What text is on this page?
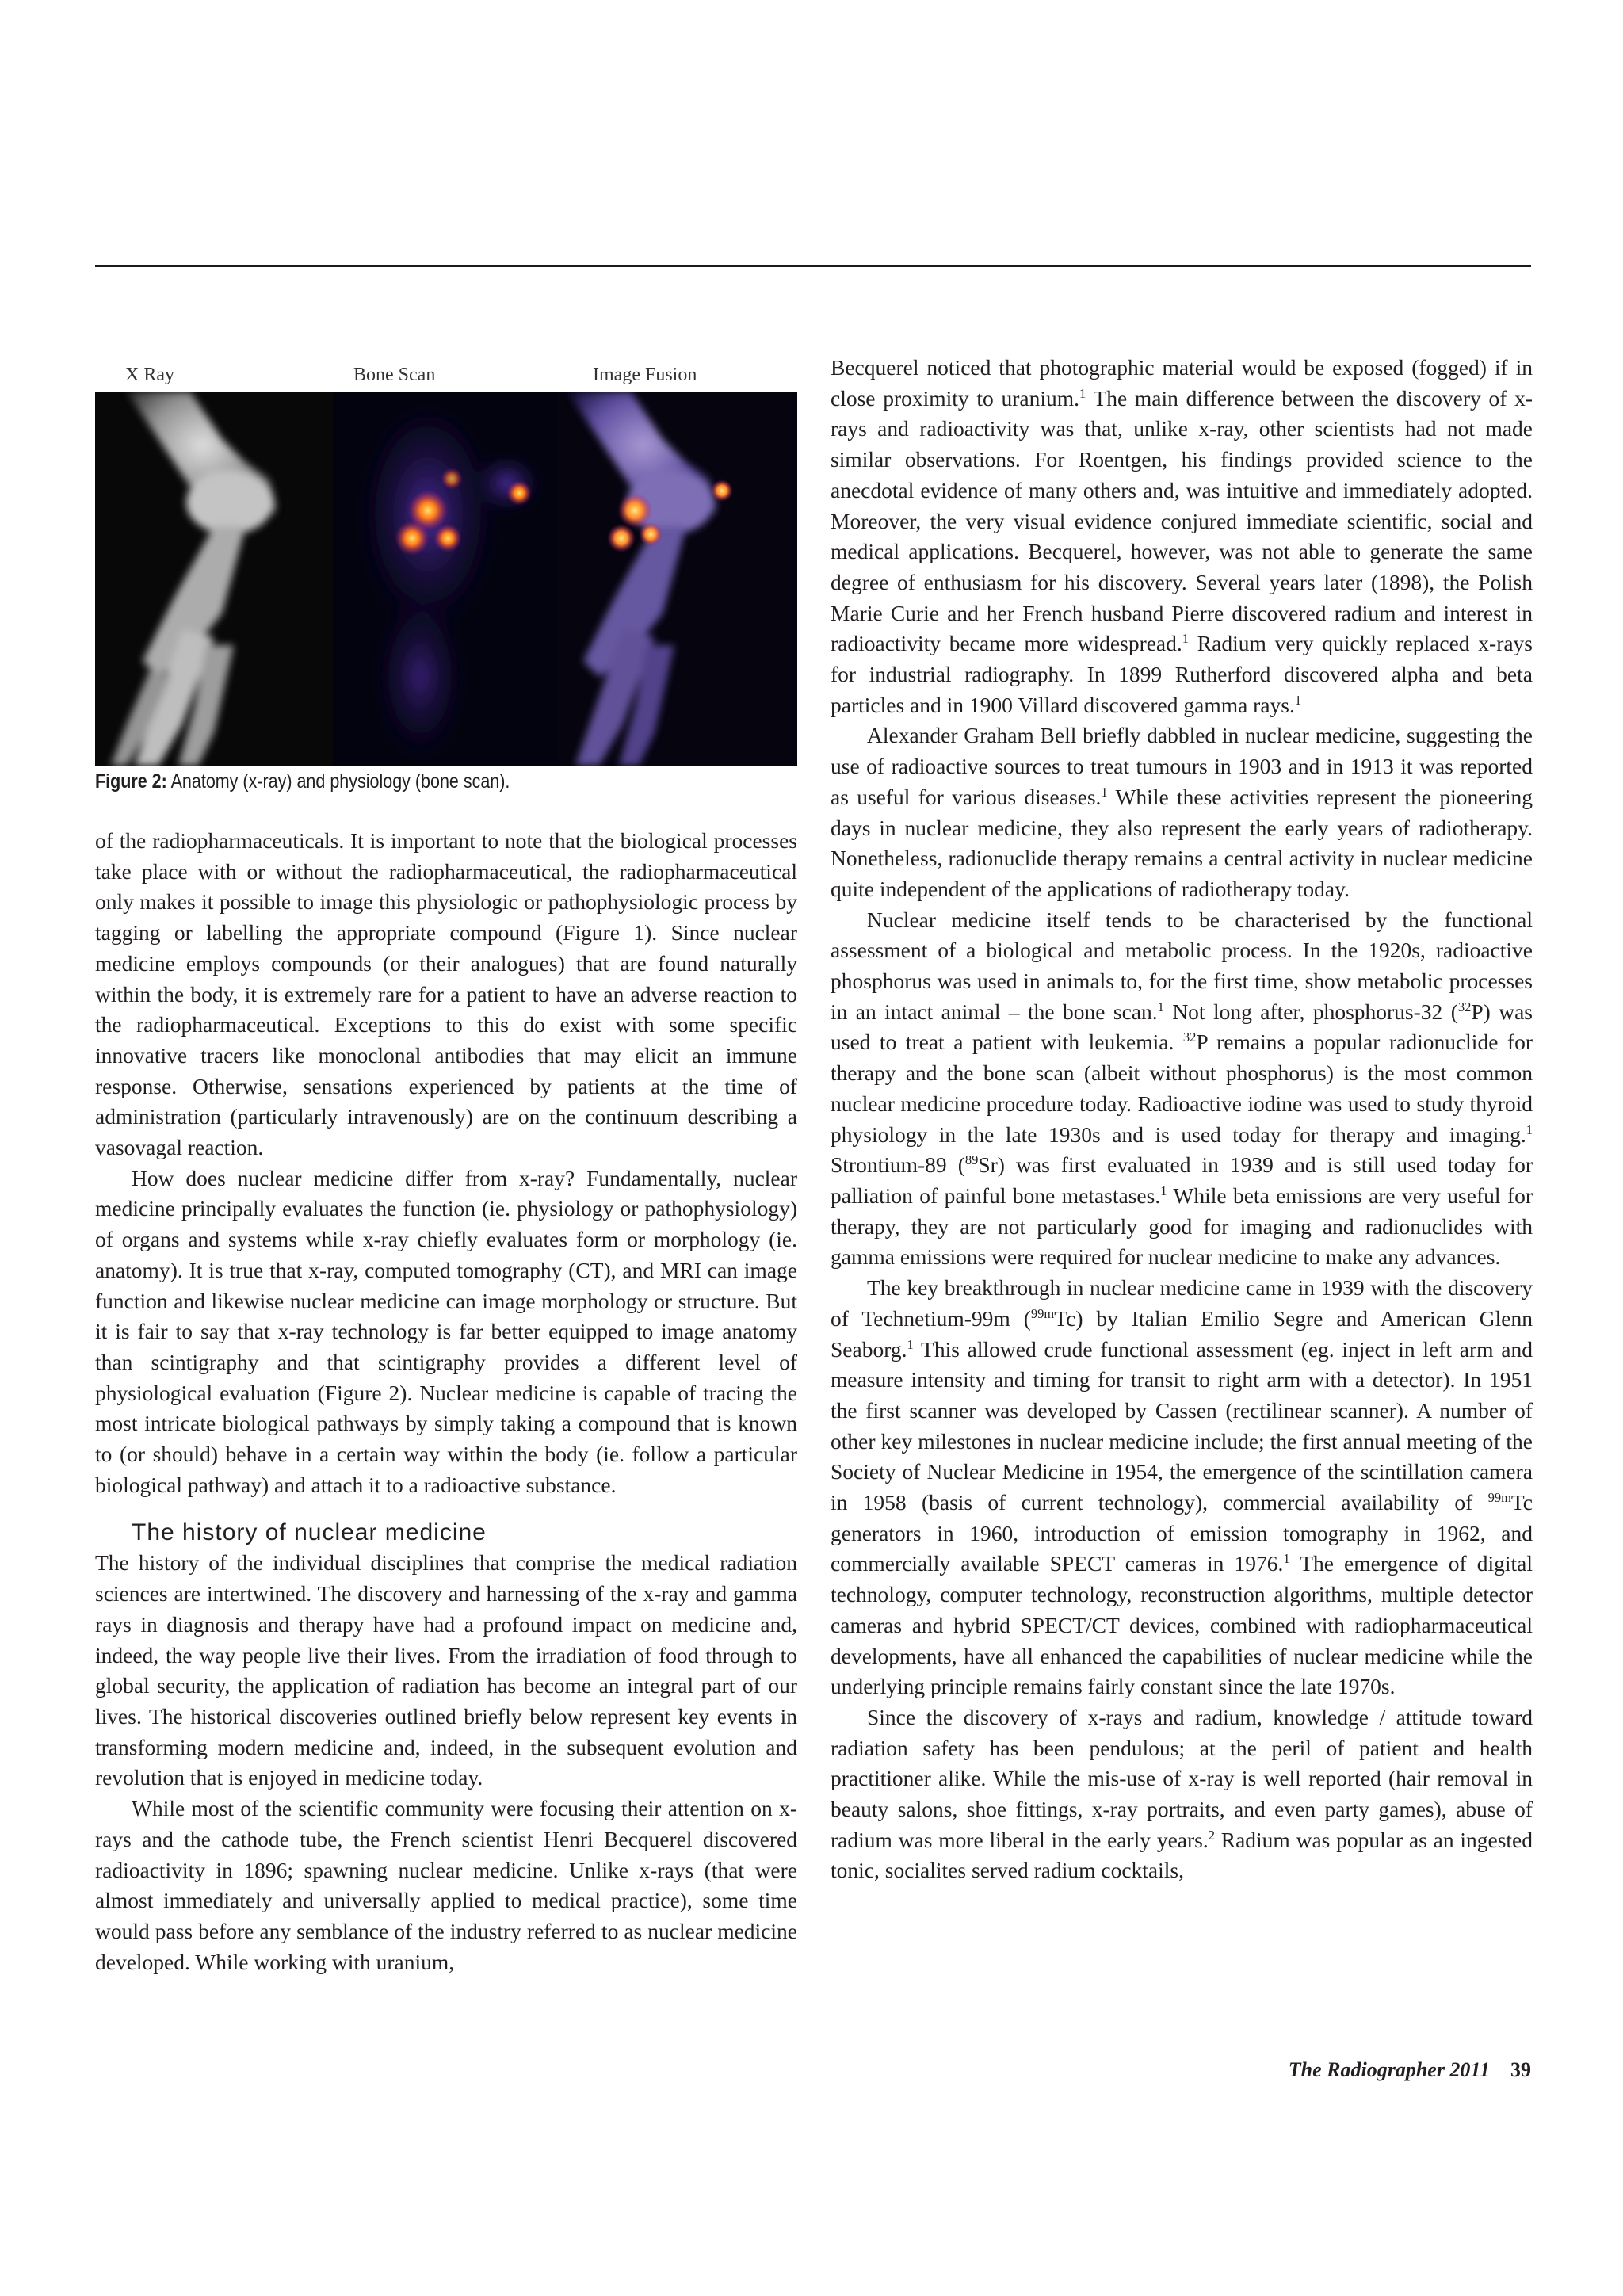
X Ray	Bone Scan	Image Fusion
Figure 2: Anatomy (x-ray) and physiology (bone scan).

of the radiopharmaceuticals. It is important to note that the biological processes take place with or without the radiopharmaceutical, the radiopharmaceutical only makes it possible to image this physiologic or pathophysiologic process by tagging or labelling the appropriate compound (Figure 1). Since nuclear medicine employs compounds (or their analogues) that are found naturally within the body, it is extremely rare for a patient to have an adverse reaction to the radiopharmaceutical. Exceptions to this do exist with some specific innovative tracers like monoclonal antibodies that may elicit an immune response. Otherwise, sensations experienced by patients at the time of administration (particularly intravenously) are on the continuum describing a vasovagal reaction.

How does nuclear medicine differ from x-ray? Fundamentally, nuclear medicine principally evaluates the function (ie. physiology or pathophysiology) of organs and systems while x-ray chiefly evaluates form or morphology (ie. anatomy). It is true that x-ray, computed tomography (CT), and MRI can image function and likewise nuclear medicine can image morphology or structure. But it is fair to say that x-ray technology is far better equipped to image anatomy than scintigraphy and that scintigraphy provides a different level of physiological evaluation (Figure 2). Nuclear medicine is capable of tracing the most intricate biological pathways by simply taking a compound that is known to (or should) behave in a certain way within the body (ie. follow a particular biological pathway) and attach it to a radioactive substance.

The history of nuclear medicine

The history of the individual disciplines that comprise the medical radiation sciences are intertwined. The discovery and harnessing of the x-ray and gamma rays in diagnosis and therapy have had a profound impact on medicine and, indeed, the way people live their lives. From the irradiation of food through to global security, the application of radiation has become an integral part of our lives. The historical discoveries outlined briefly below represent key events in transforming modern medicine and, indeed, in the subsequent evolution and revolution that is enjoyed in medicine today.

While most of the scientific community were focusing their attention on x-rays and the cathode tube, the French scientist Henri Becquerel discovered radioactivity in 1896; spawning nuclear medicine. Unlike x-rays (that were almost immediately and universally applied to medical practice), some time would pass before any semblance of the industry referred to as nuclear medicine developed. While working with uranium,

Becquerel noticed that photographic material would be exposed (fogged) if in close proximity to uranium.$^1$ The main difference between the discovery of x-rays and radioactivity was that, unlike x-ray, other scientists had not made similar observations. For Roentgen, his findings provided science to the anecdotal evidence of many others and, was intuitive and immediately adopted. Moreover, the very visual evidence conjured immediate scientific, social and medical applications. Becquerel, however, was not able to generate the same degree of enthusiasm for his discovery. Several years later (1898), the Polish Marie Curie and her French husband Pierre discovered radium and interest in radioactivity became more widespread.$^1$ Radium very quickly replaced x-rays for industrial radiography. In 1899 Rutherford discovered alpha and beta particles and in 1900 Villard discovered gamma rays.$^1$

Alexander Graham Bell briefly dabbled in nuclear medicine, suggesting the use of radioactive sources to treat tumours in 1903 and in 1913 it was reported as useful for various diseases.$^1$ While these activities represent the pioneering days in nuclear medicine, they also represent the early years of radiotherapy. Nonetheless, radionuclide therapy remains a central activity in nuclear medicine quite independent of the applications of radiotherapy today.

Nuclear medicine itself tends to be characterised by the functional assessment of a biological and metabolic process. In the 1920s, radioactive phosphorus was used in animals to, for the first time, show metabolic processes in an intact animal – the bone scan.$^1$ Not long after, phosphorus-32 ($^{32}$P) was used to treat a patient with leukemia. $^{32}$P remains a popular radionuclide for therapy and the bone scan (albeit without phosphorus) is the most common nuclear medicine procedure today. Radioactive iodine was used to study thyroid physiology in the late 1930s and is used today for therapy and imaging.$^1$ Strontium-89 ($^{89}$Sr) was first evaluated in 1939 and is still used today for palliation of painful bone metastases.$^1$ While beta emissions are very useful for therapy, they are not particularly good for imaging and radionuclides with gamma emissions were required for nuclear medicine to make any advances.

The key breakthrough in nuclear medicine came in 1939 with the discovery of Technetium-99m ($^{99m}$Tc) by Italian Emilio Segre and American Glenn Seaborg.$^1$ This allowed crude functional assessment (eg. inject in left arm and measure intensity and timing for transit to right arm with a detector). In 1951 the first scanner was developed by Cassen (rectilinear scanner). A number of other key milestones in nuclear medicine include; the first annual meeting of the Society of Nuclear Medicine in 1954, the emergence of the scintillation camera in 1958 (basis of current technology), commercial availability of $^{99m}$Tc generators in 1960, introduction of emission tomography in 1962, and commercially available SPECT cameras in 1976.$^1$ The emergence of digital technology, computer technology, reconstruction algorithms, multiple detector cameras and hybrid SPECT/CT devices, combined with radiopharmaceutical developments, have all enhanced the capabilities of nuclear medicine while the underlying principle remains fairly constant since the late 1970s.

Since the discovery of x-rays and radium, knowledge / attitude toward radiation safety has been pendulous; at the peril of patient and health practitioner alike. While the mis-use of x-ray is well reported (hair removal in beauty salons, shoe fittings, x-ray portraits, and even party games), abuse of radium was more liberal in the early years.$^2$ Radium was popular as an ingested tonic, socialites served radium cocktails,

The Radiographer 2011 39
